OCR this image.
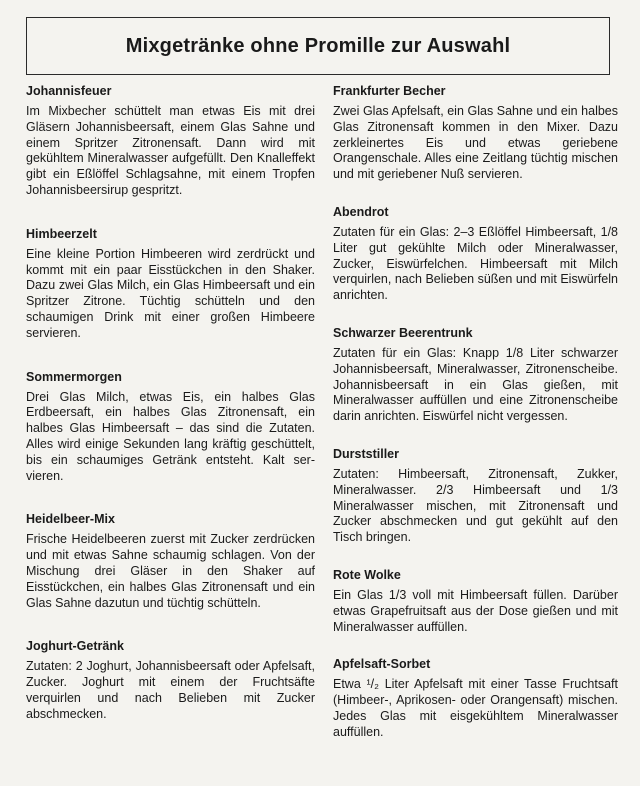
Mixgetränke ohne Promille zur Auswahl
Johannisfeuer

Im Mixbecher schüttelt man etwas Eis mit drei Gläsern Johannisbeersaft, einem Glas Sahne und einem Spritzer Zitronensaft. Dann wird mit gekühltem Mineralwasser aufgefüllt. Den Knalleffekt gibt ein Eßlöffel Schlagsahne, mit einem Tropfen Johannisbeersirup gespritzt.

Himbeerzelt

Eine kleine Portion Himbeeren wird zerdrückt und kommt mit ein paar Eisstückchen in den Shaker. Dazu zwei Glas Milch, ein Glas Himbeersaft und ein Spritzer Zitrone. Tüchtig schütteln und den schaumigen Drink mit einer großen Himbeere servieren.

Sommermorgen

Drei Glas Milch, etwas Eis, ein halbes Glas Erdbeersaft, ein halbes Glas Zitronensaft, ein halbes Glas Himbeersaft – das sind die Zutaten. Alles wird einige Sekunden lang kräftig geschüttelt, bis ein schaumiges Getränk entsteht. Kalt servieren.

Heidelbeer-Mix

Frische Heidelbeeren zuerst mit Zucker zerdrücken und mit etwas Sahne schaumig schlagen. Von der Mischung drei Gläser in den Shaker auf Eisstückchen, ein halbes Glas Zitronensaft und ein Glas Sahne dazutun und tüchtig schütteln.

Joghurt-Getränk

Zutaten: 2 Joghurt, Johannisbeersaft oder Apfelsaft, Zucker. Joghurt mit einem der Fruchtsäfte verquirlen und nach Belieben mit Zucker abschmecken.

Frankfurter Becher

Zwei Glas Apfelsaft, ein Glas Sahne und ein halbes Glas Zitronensaft kommen in den Mixer. Dazu zerkleinertes Eis und etwas geriebene Orangenschale. Alles eine Zeitlang tüchtig mischen und mit geriebener Nuß servieren.

Abendrot

Zutaten für ein Glas: 2–3 Eßlöffel Himbeersaft, 1/8 Liter gut gekühlte Milch oder Mineralwasser, Zucker, Eiswürfelchen. Himbeersaft mit Milch verquirlen, nach Belieben süßen und mit Eiswürfeln anrichten.

Schwarzer Beerentrunk

Zutaten für ein Glas: Knapp 1/8 Liter schwarzer Johannisbeersaft, Mineralwasser, Zitronenscheibe. Johannisbeersaft in ein Glas gießen, mit Mineralwasser auffüllen und eine Zitronenscheibe darin anrichten. Eiswürfel nicht vergessen.

Durststiller

Zutaten: Himbeersaft, Zitronensaft, Zukker, Mineralwasser. 2/3 Himbeersaft und 1/3 Mineralwasser mischen, mit Zitronensaft und Zucker abschmecken und gut gekühlt auf den Tisch bringen.

Rote Wolke

Ein Glas 1/3 voll mit Himbeersaft füllen. Darüber etwas Grapefruitsaft aus der Dose gießen und mit Mineralwasser auffüllen.

Apfelsaft-Sorbet

Etwa ¹/₂ Liter Apfelsaft mit einer Tasse Fruchtsaft (Himbeer-, Aprikosen- oder Orangensaft) mischen. Jedes Glas mit eisgekühltem Mineralwasser auffüllen.
